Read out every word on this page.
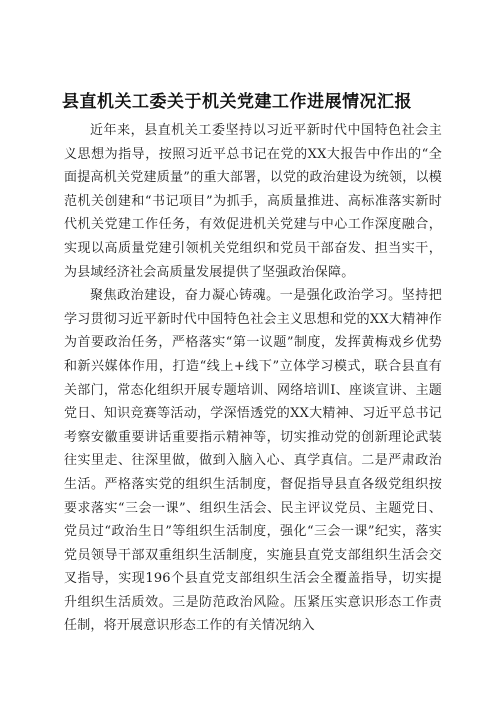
县直机关工委关于机关党建工作进展情况汇报

近年来，县直机关工委坚持以习近平新时代中国特色社会主义思想为指导，按照习近平总书记在党的XX大报告中作出的“全面提高机关党建质量”的重大部署，以党的政治建设为统领，以模范机关创建和“书记项目”为抓手，高质量推进、高标准落实新时代机关党建工作任务，有效促进机关党建与中心工作深度融合，实现以高质量党建引领机关党组织和党员干部奋发、担当实干，为县域经济社会高质量发展提供了坚强政治保障。

聚焦政治建设，奋力凝心铸魂。一是强化政治学习。坚持把学习贯彻习近平新时代中国特色社会主义思想和党的XX大精神作为首要政治任务，严格落实“第一议题”制度，发挥黄梅戏乡优势和新兴媒体作用，打造“线上+线下”立体学习模式，联合县直有关部门，常态化组织开展专题培训、网络培训I、座谈宣讲、主题党日、知识竞赛等活动，学深悟透党的XX大精神、习近平总书记考察安徽重要讲话重要指示精神等，切实推动党的创新理论武装往实里走、往深里做，做到入脑入心、真学真信。二是严肃政治生活。严格落实党的组织生活制度，督促指导县直各级党组织按要求落实“三会一课”、组织生活会、民主评议党员、主题党日、党员过“政治生日”等组织生活制度，强化“三会一课”纪实，落实党员领导干部双重组织生活制度，实施县直党支部组织生活会交叉指导，实现196个县直党支部组织生活会全覆盖指导，切实提升组织生活质效。三是防范政治风险。压紧压实意识形态工作责任制，将开展意识形态工作的有关情况纳入
